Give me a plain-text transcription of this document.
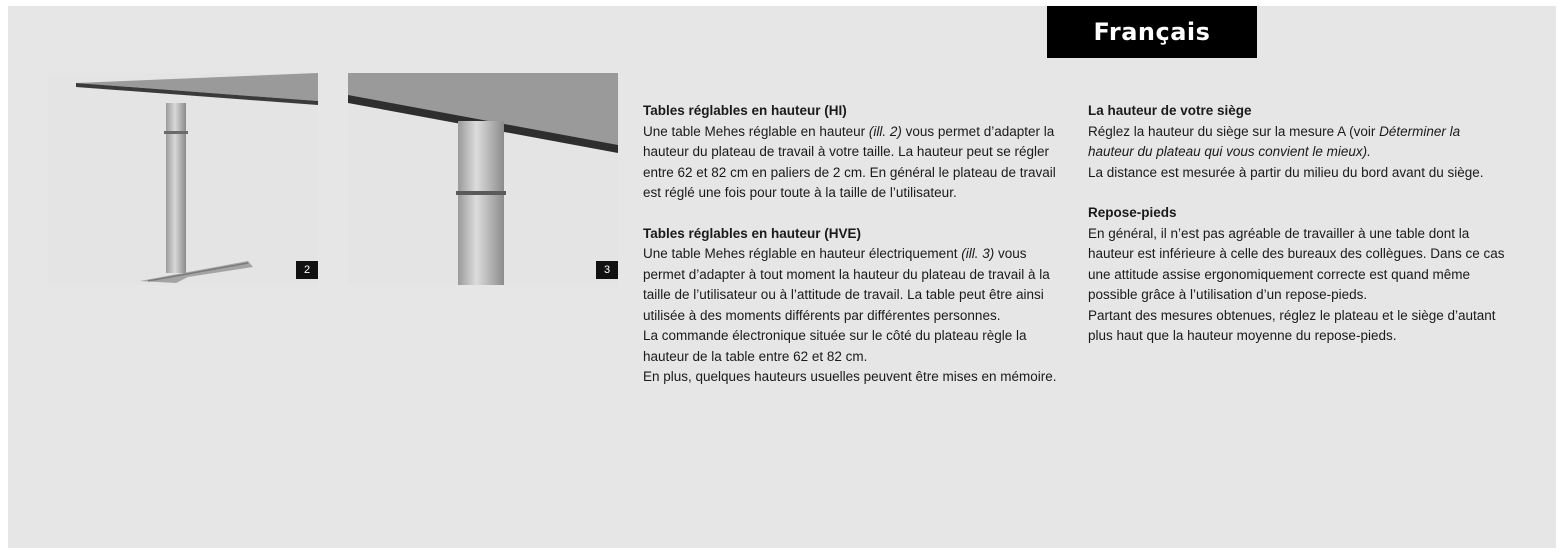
Français
2	3
Tables réglables en hauteur (HI)

Une table Mehes réglable en hauteur (ill. 2) vous permet d’adapter la hauteur du plateau de travail à votre taille. La hauteur peut se régler entre 62 et 82 cm en paliers de 2 cm. En général le plateau de travail est réglé une fois pour toute à la taille de l’utilisateur.

Tables réglables en hauteur (HVE)

Une table Mehes réglable en hauteur électriquement (ill. 3) vous permet d’adapter à tout moment la hauteur du plateau de travail à la taille de l’utilisateur ou à l’attitude de travail. La table peut être ainsi utilisée à des moments différents par différentes personnes.

La commande électronique située sur le côté du plateau règle la hauteur de la table entre 62 et 82 cm.

En plus, quelques hauteurs usuelles peuvent être mises en mémoire.

La hauteur de votre siège

Réglez la hauteur du siège sur la mesure A (voir Déterminer la hauteur du plateau qui vous convient le mieux).

La distance est mesurée à partir du milieu du bord avant du siège.

Repose-pieds

En général, il n’est pas agréable de travailler à une table dont la hauteur est inférieure à celle des bureaux des collègues. Dans ce cas une attitude assise ergonomiquement correcte est quand même possible grâce à l’utilisation d’un repose-pieds.

Partant des mesures obtenues, réglez le plateau et le siège d’autant plus haut que la hauteur moyenne du repose-pieds.
